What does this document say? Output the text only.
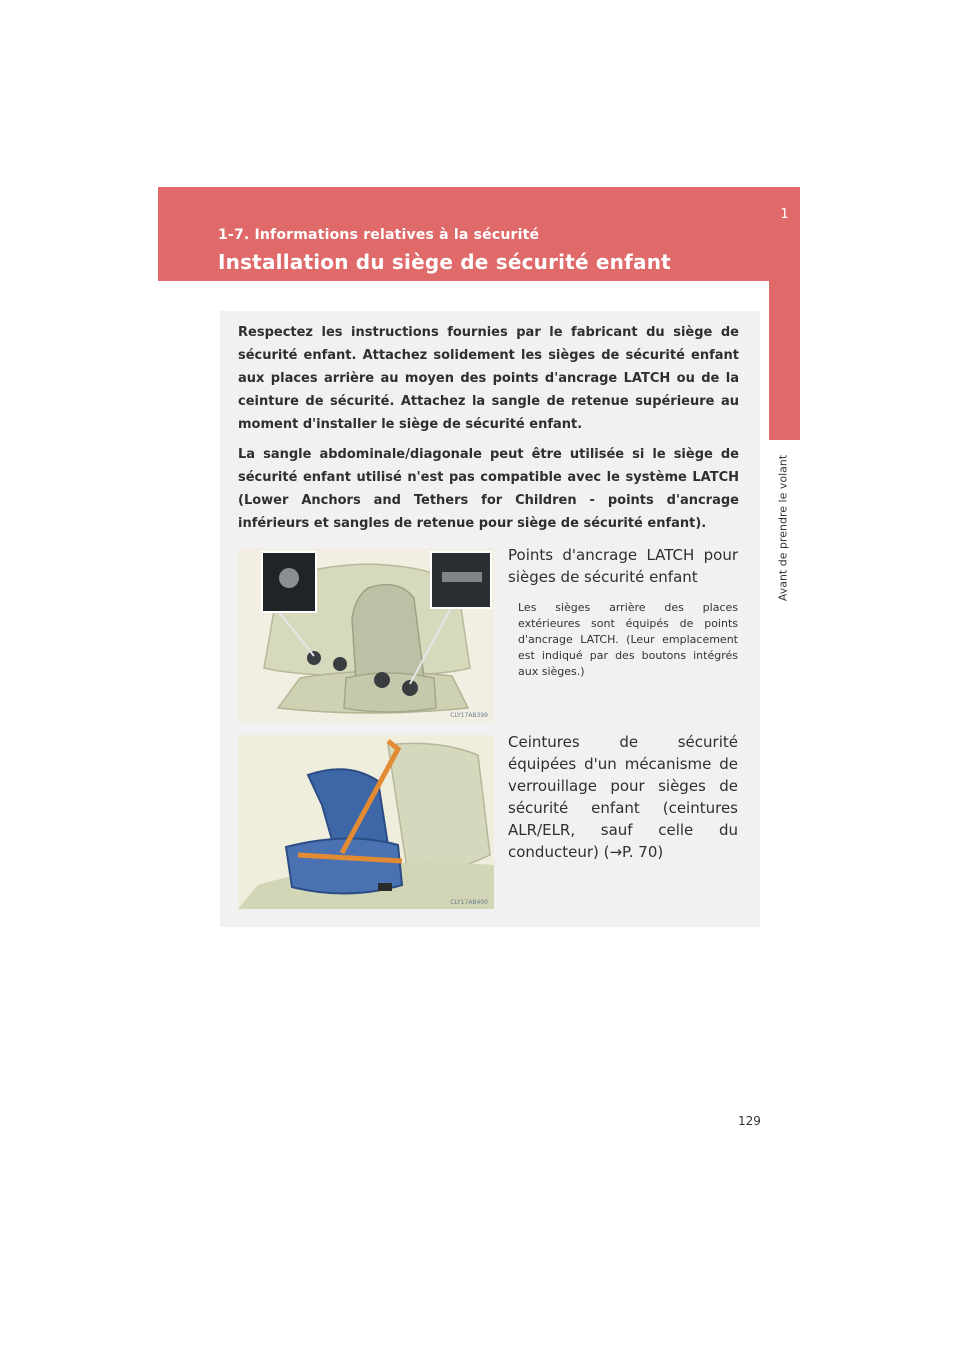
1-7. Informations relatives à la sécurité
Installation du siège de sécurité enfant
1
Avant de prendre le volant

Respectez les instructions fournies par le fabricant du siège de sécurité enfant. Attachez solidement les sièges de sécurité enfant aux places arrière au moyen des points d'ancrage LATCH ou de la ceinture de sécurité. Attachez la sangle de retenue supérieure au moment d'installer le siège de sécurité enfant.

La sangle abdominale/diagonale peut être utilisée si le siège de sécurité enfant utilisé n'est pas compatible avec le système LATCH (Lower Anchors and Tethers for Children - points d'ancrage inférieurs et sangles de retenue pour siège de sécurité enfant).

CLY17AB399
Points d'ancrage LATCH pour sièges de sécurité enfant
Les sièges arrière des places extérieures sont équipés de points d'ancrage LATCH. (Leur emplacement est indiqué par des boutons intégrés aux sièges.)
CLY17AB400
Ceintures de sécurité équipées d'un mécanisme de verrouillage pour sièges de sécurité enfant (ceintures ALR/ELR, sauf celle du conducteur) (→P. 70)
129
